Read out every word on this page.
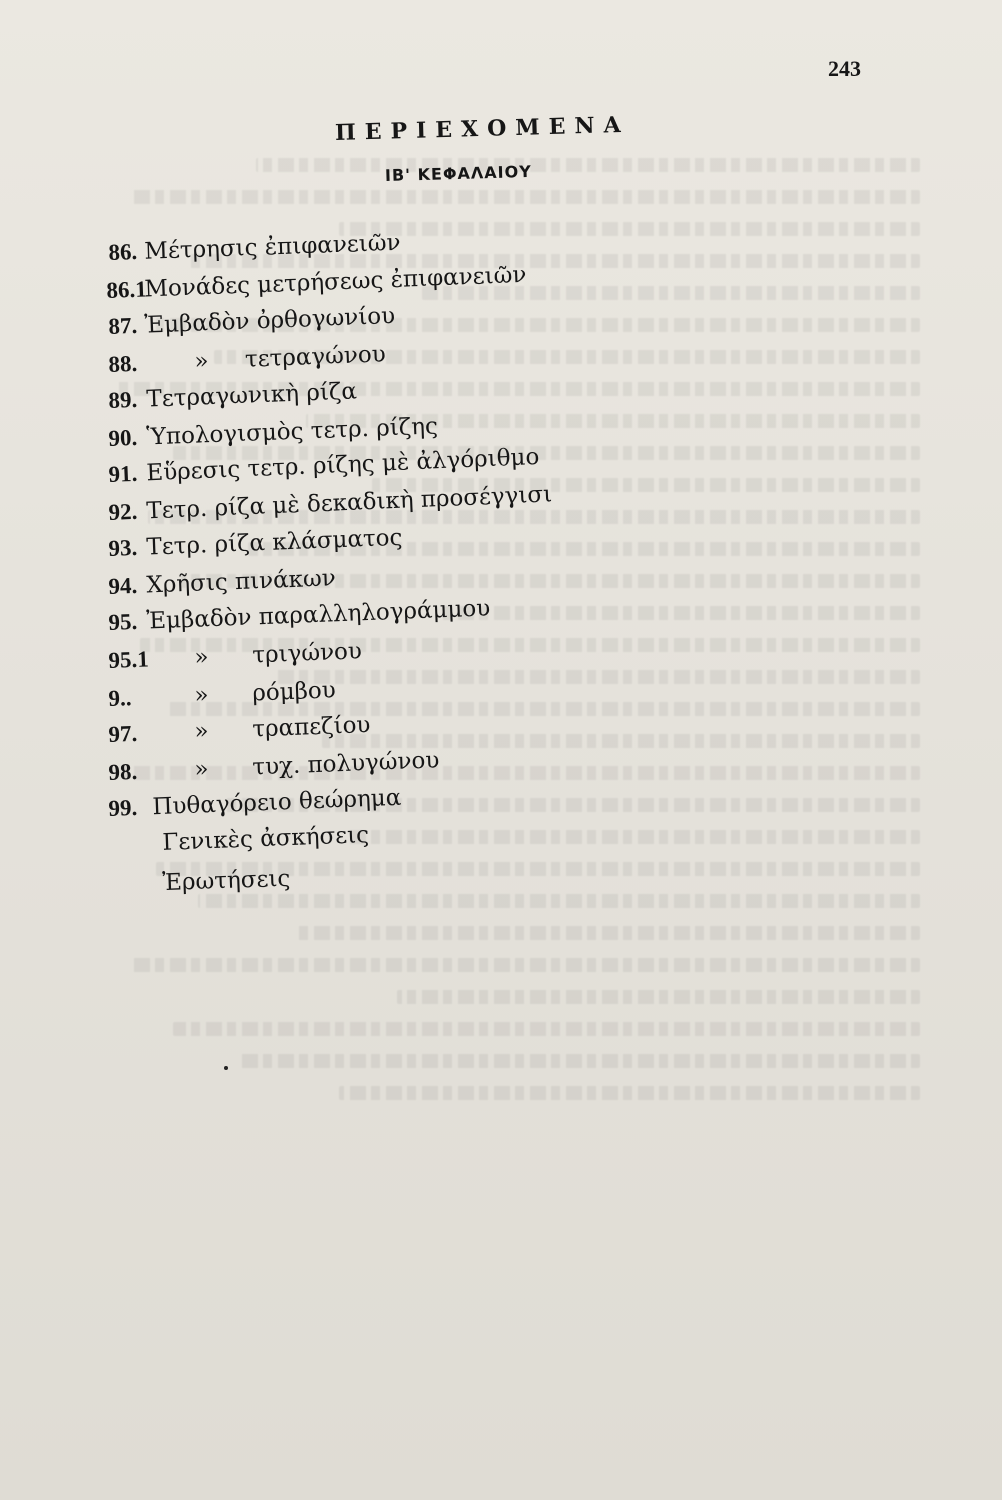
243
ΠΕΡΙΕΧΟΜΕΝΑ
ΙΒ' ΚΕΦΑΛΑΙΟΥ
86. Μέτρησις ἐπιφανειῶν
86.1
Μονάδες μετρήσεως ἐπιφανειῶν
87. Ἐμβαδὸν ὀρθογωνίου
88. »     τετραγώνου
89. Τετραγωνικὴ ρίζα
90. Ὑπολογισμὸς τετρ. ρίζης
91. Εὕρεσις τετρ. ρίζης μὲ ἀλγόριθμο
92. Τετρ. ρίζα μὲ δεκαδικὴ προσέγγισι
93. Τετρ. ρίζα κλάσματος
94. Χρῆσις πινάκων
95. Ἐμβαδὸν παραλληλογράμμου
95.1 »      τριγώνου
9..	»      ρόμβου
97. »      τραπεζίου
98. »      τυχ. πολυγώνου
99. Πυθαγόρειο θεώρημα
Γενικὲς ἀσκήσεις
Ἐρωτήσεις
